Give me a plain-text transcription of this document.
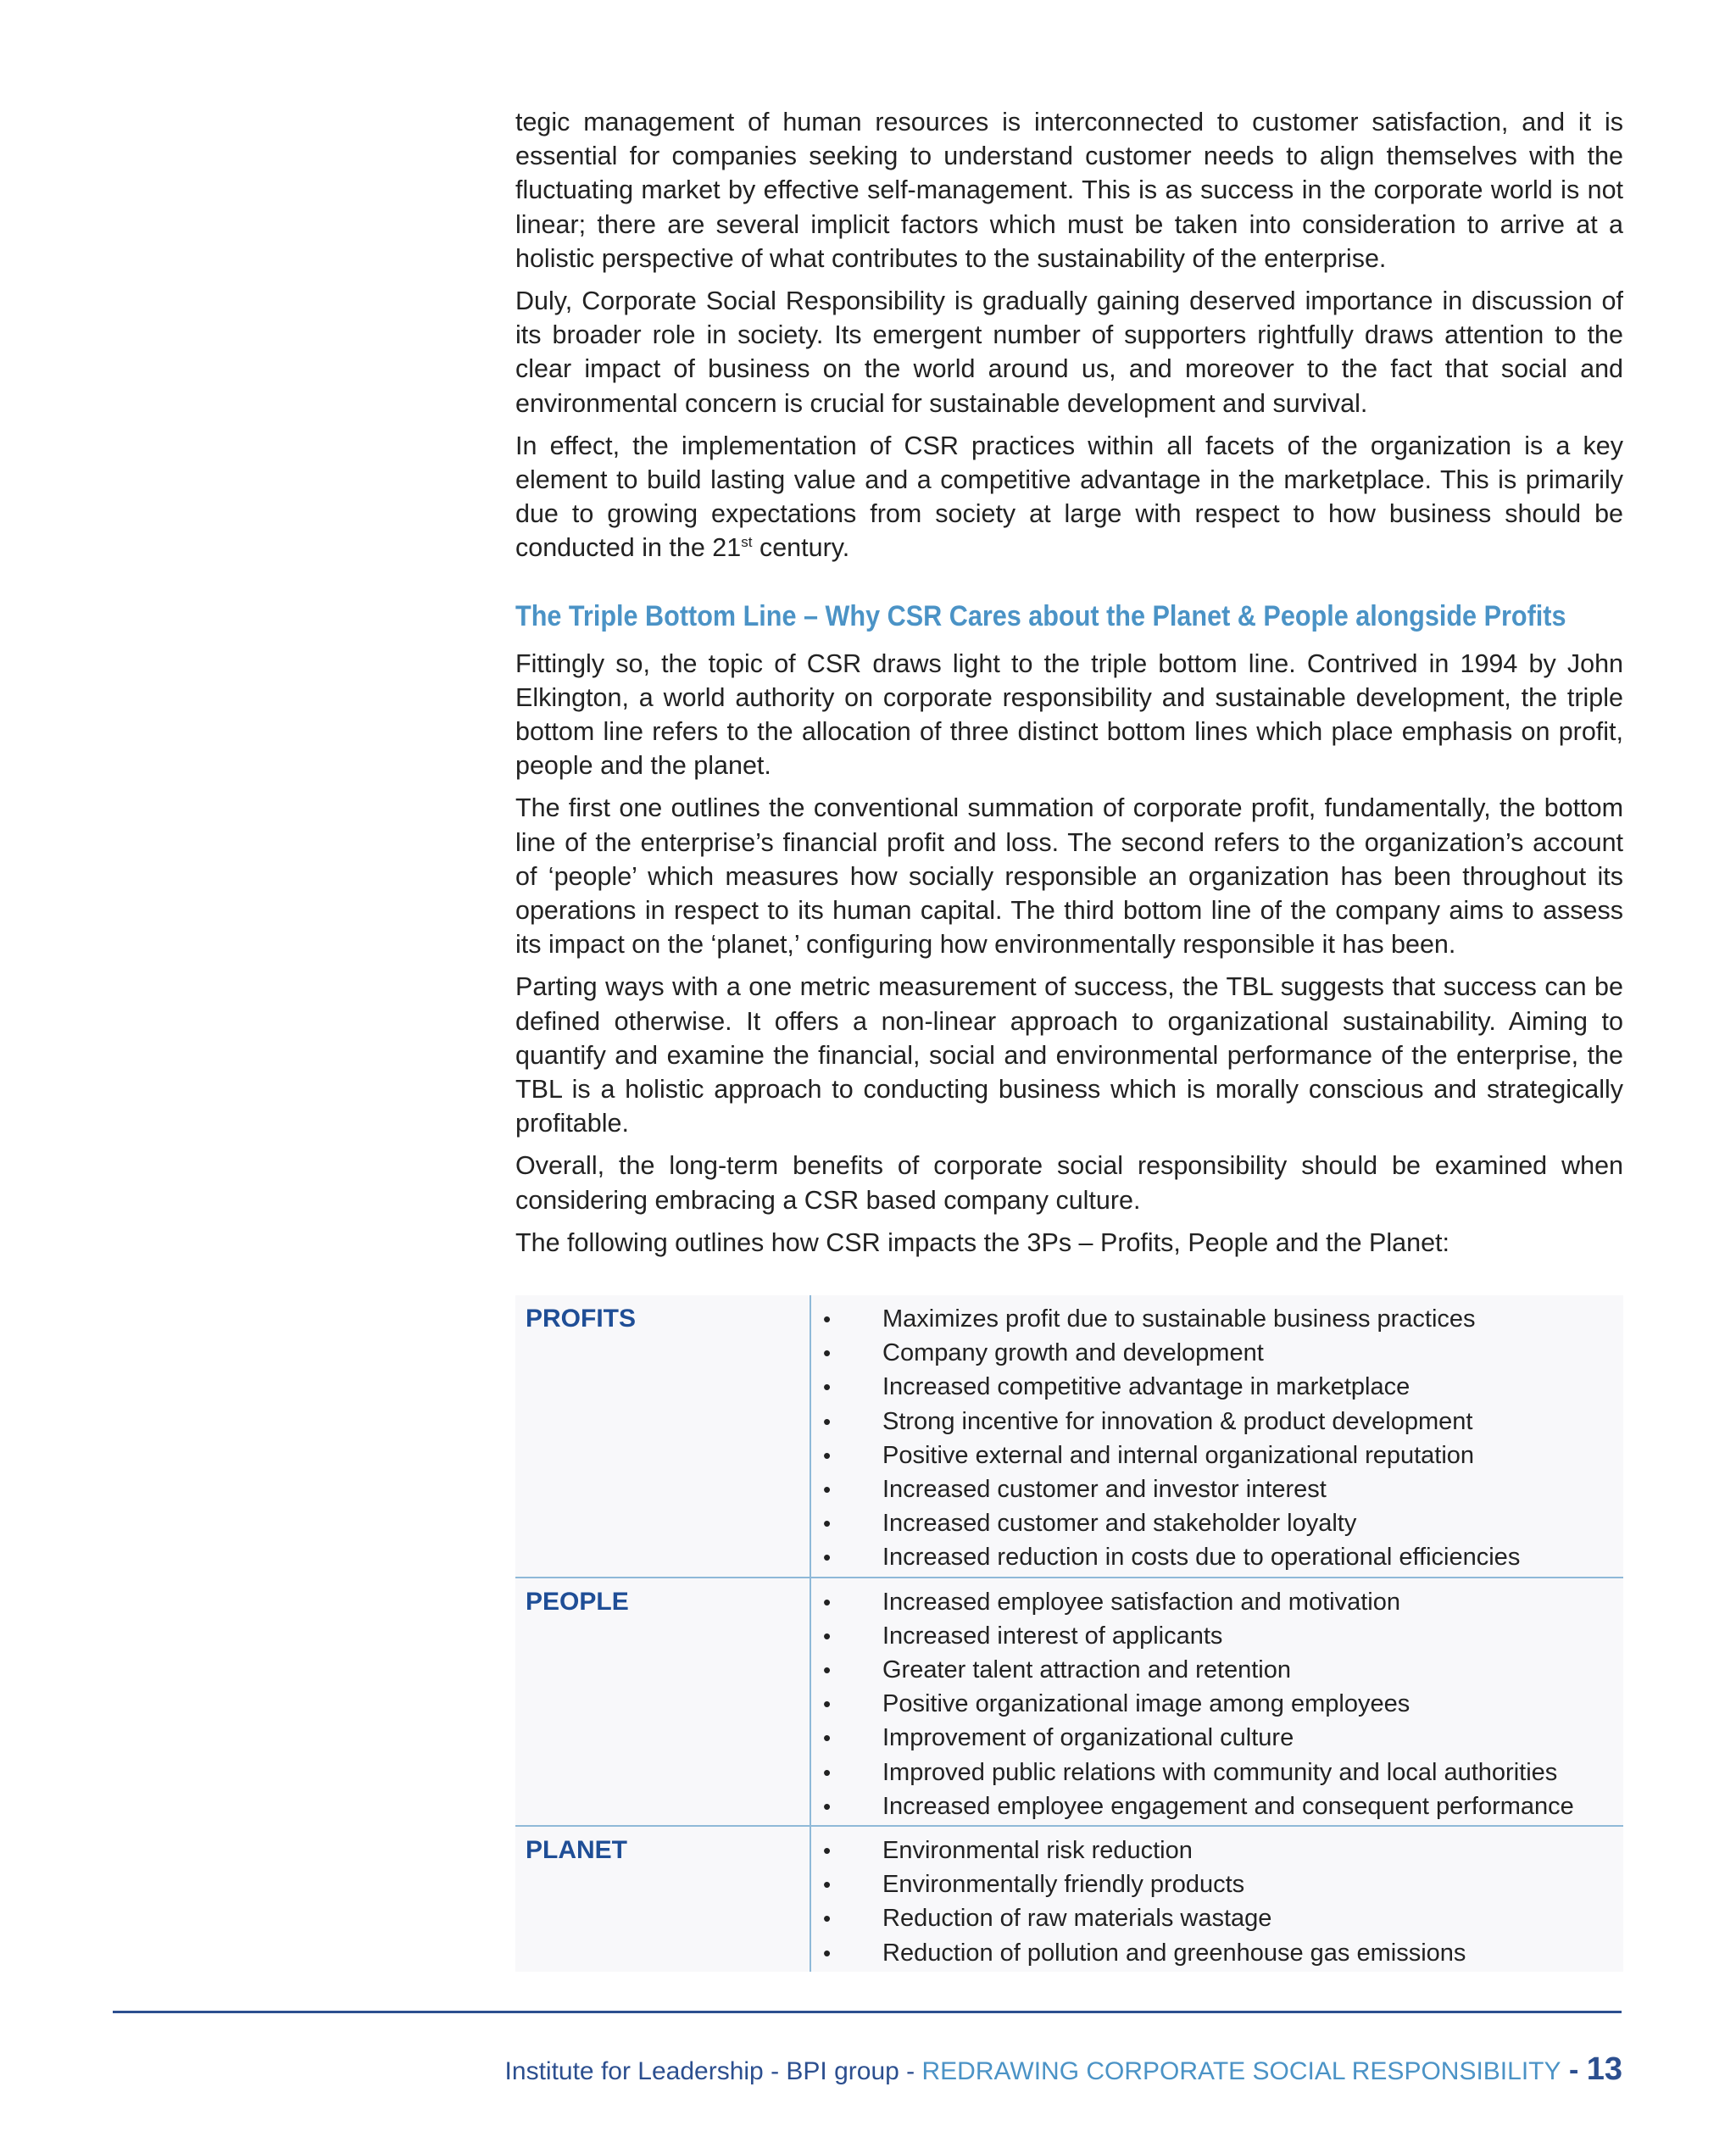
tegic management of human resources is interconnected to customer satisfaction, and it is essential for companies seeking to understand customer needs to align themselves with the fluctuating market by effective self-management. This is as success in the corporate world is not linear; there are several implicit factors which must be taken into consideration to arrive at a holistic perspective of what contributes to the sustainability of the enterprise.

Duly, Corporate Social Responsibility is gradually gaining deserved importance in discussion of its broader role in society. Its emergent number of supporters rightfully draws attention to the clear impact of business on the world around us, and moreover to the fact that social and environmental concern is crucial for sustainable development and survival.

In effect, the implementation of CSR practices within all facets of the organization is a key element to build lasting value and a competitive advantage in the marketplace. This is primarily due to growing expectations from society at large with respect to how business should be conducted in the 21st century.

The Triple Bottom Line – Why CSR Cares about the Planet & People alongside Profits

Fittingly so, the topic of CSR draws light to the triple bottom line. Contrived in 1994 by John Elkington, a world authority on corporate responsibility and sustainable development, the triple bottom line refers to the allocation of three distinct bottom lines which place emphasis on profit, people and the planet.

The first one outlines the conventional summation of corporate profit, fundamentally, the bottom line of the enterprise’s financial profit and loss. The second refers to the organization’s account of ‘people’ which measures how socially responsible an organization has been throughout its operations in respect to its human capital. The third bottom line of the company aims to assess its impact on the ‘planet,’ configuring how environmentally responsible it has been.

Parting ways with a one metric measurement of success, the TBL suggests that success can be defined otherwise. It offers a non-linear approach to organizational sustainability. Aiming to quantify and examine the financial, social and environmental performance of the enterprise, the TBL is a holistic approach to conducting business which is morally conscious and strategically profitable.

Overall, the long-term benefits of corporate social responsibility should be examined when considering embracing a CSR based company culture.

The following outlines how CSR impacts the 3Ps – Profits, People and the Planet:

PROFITS	• Maximizes profit due to sustainable business practices
• Company growth and development
• Increased competitive advantage in marketplace
• Strong incentive for innovation & product development
• Positive external and internal organizational reputation
• Increased customer and investor interest
• Increased customer and stakeholder loyalty
• Increased reduction in costs due to operational efficiencies
PEOPLE	• Increased employee satisfaction and motivation
• Increased interest of applicants
• Greater talent attraction and retention
• Positive organizational image among employees
• Improvement of organizational culture
• Improved public relations with community and local authorities
• Increased employee engagement and consequent performance
PLANET	• Environmental risk reduction
• Environmentally friendly products
• Reduction of raw materials wastage
• Reduction of pollution and greenhouse gas emissions
Institute for Leadership - BPI group - REDRAWING CORPORATE SOCIAL RESPONSIBILITY - 13
